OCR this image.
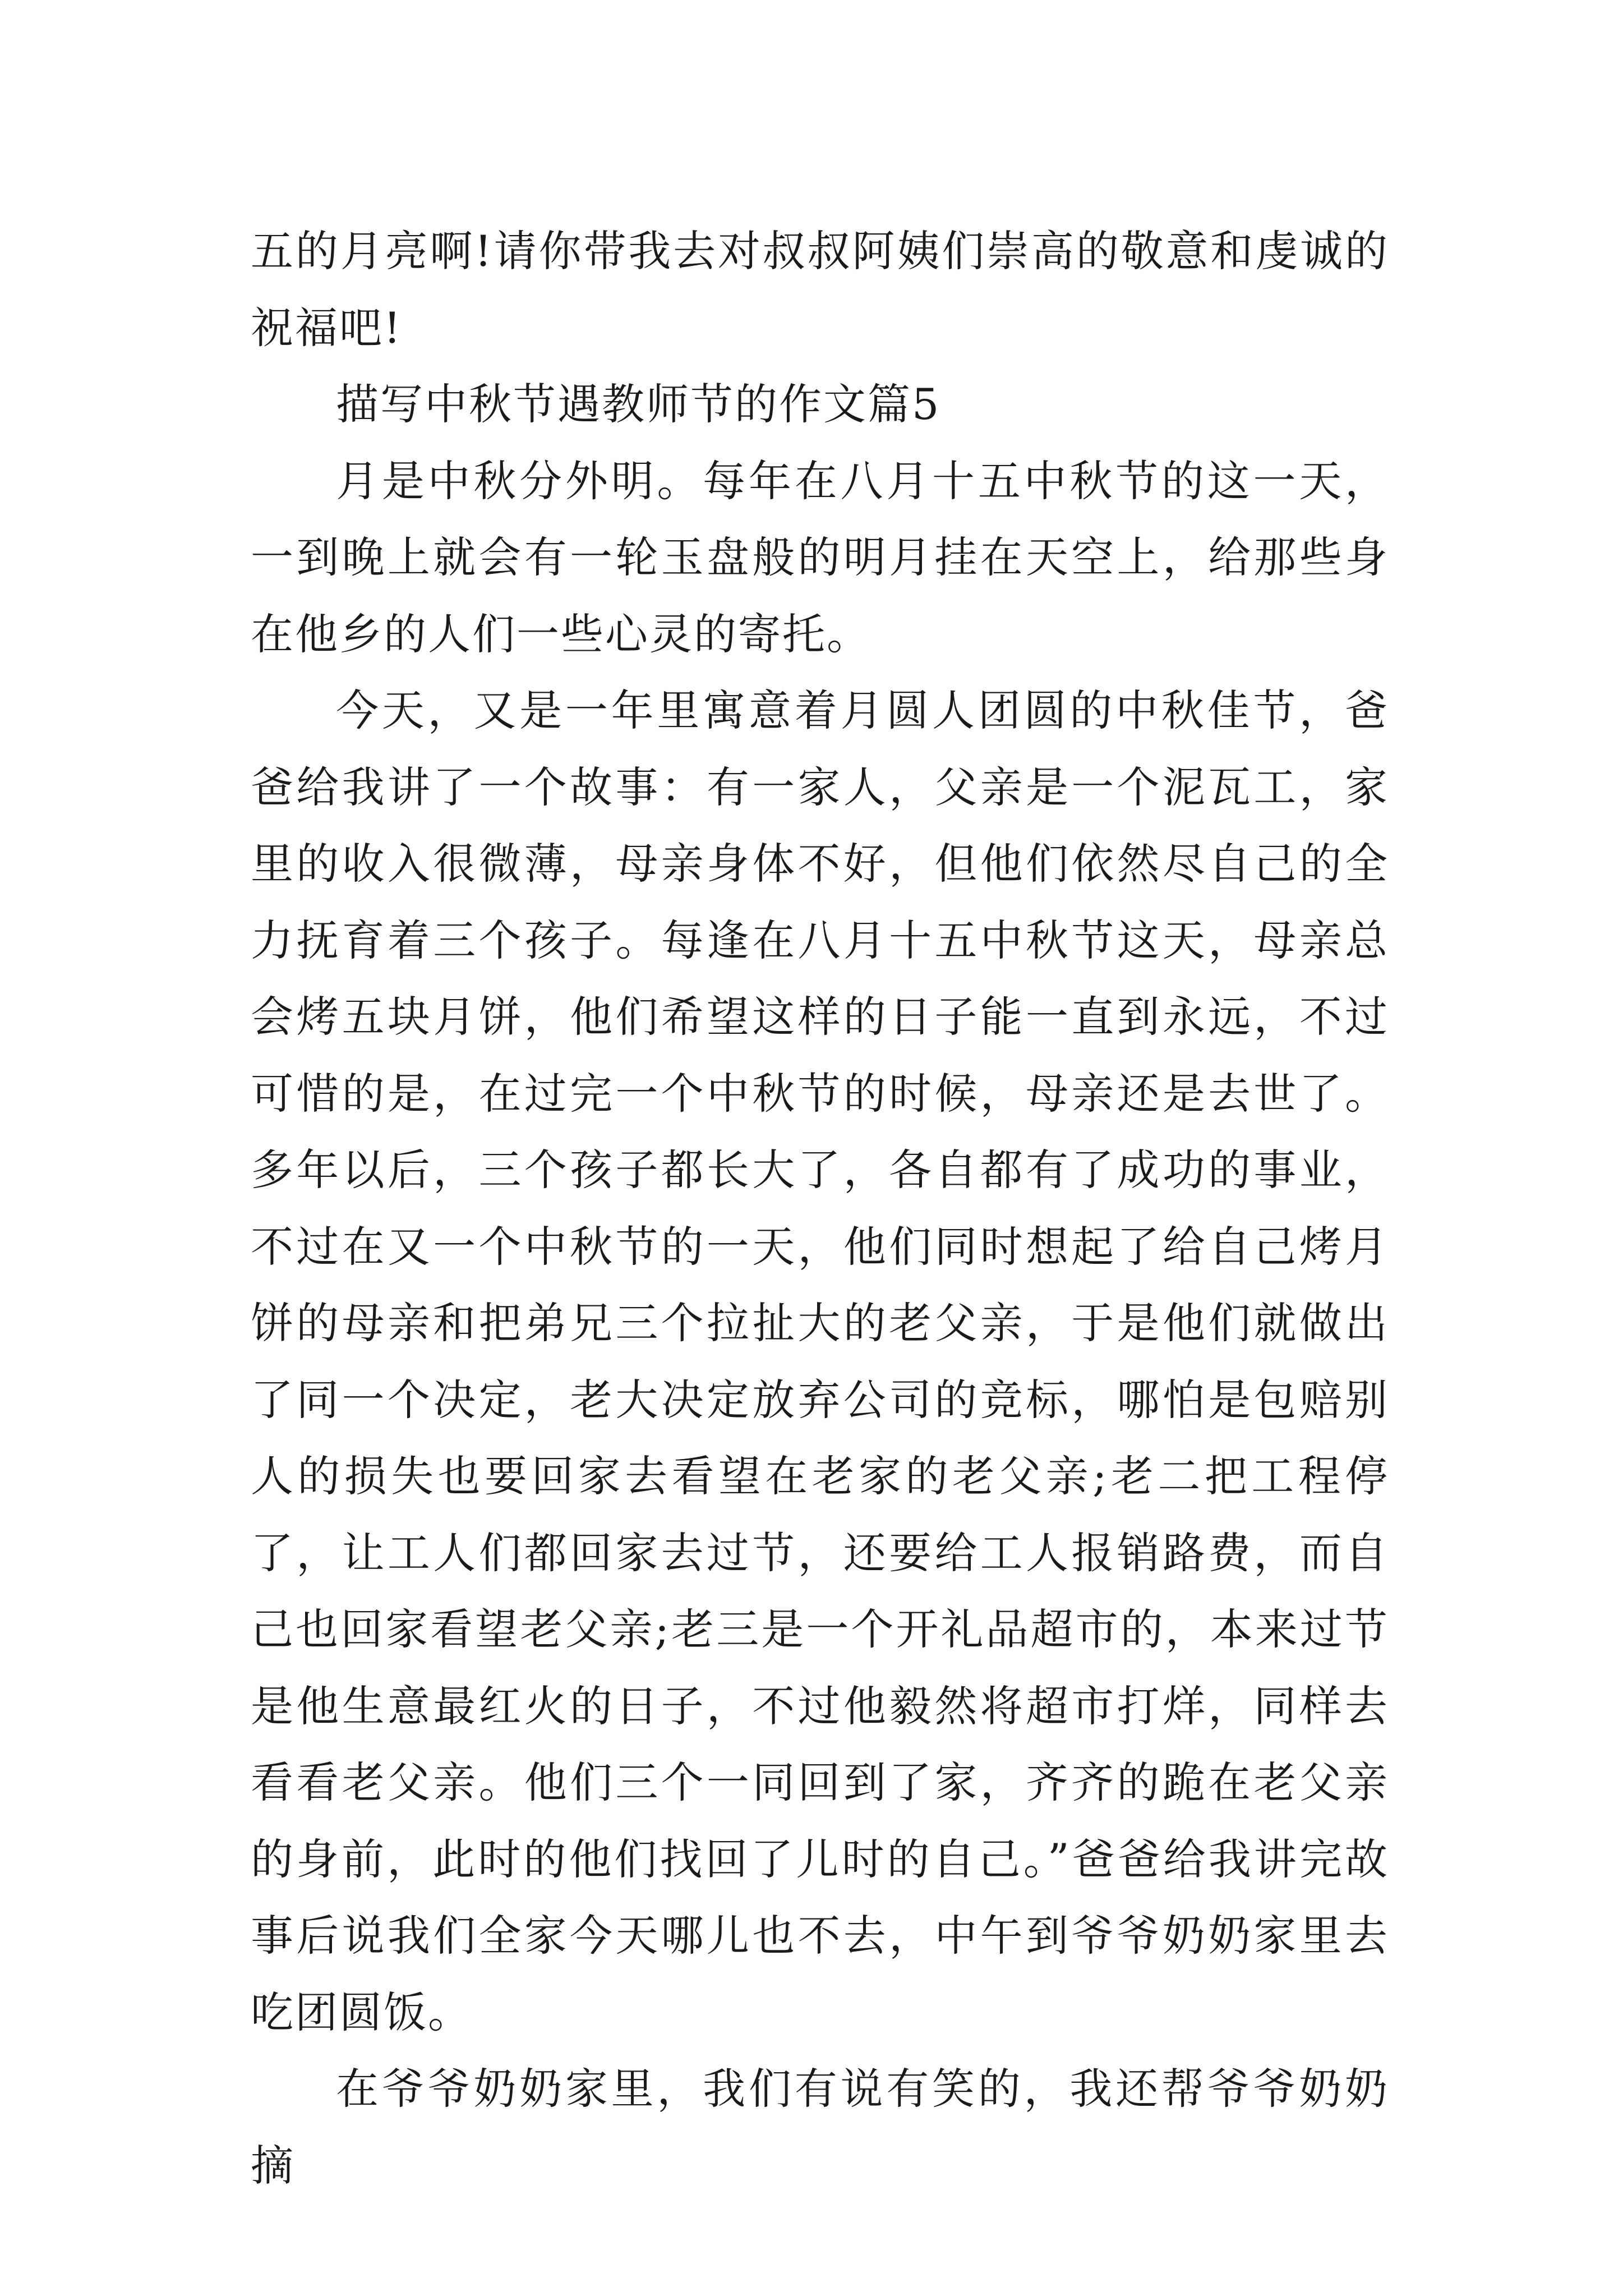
五的月亮啊!请你带我去对叔叔阿姨们崇高的敬意和虔诚的祝福吧!

描写中秋节遇教师节的作文篇5

月是中秋分外明。每年在八月十五中秋节的这一天，一到晚上就会有一轮玉盘般的明月挂在天空上，给那些身在他乡的人们一些心灵的寄托。

今天，又是一年里寓意着月圆人团圆的中秋佳节，爸爸给我讲了一个故事：有一家人，父亲是一个泥瓦工，家里的收入很微薄，母亲身体不好，但他们依然尽自己的全力抚育着三个孩子。每逢在八月十五中秋节这天，母亲总会烤五块月饼，他们希望这样的日子能一直到永远，不过可惜的是，在过完一个中秋节的时候，母亲还是去世了。多年以后，三个孩子都长大了，各自都有了成功的事业，不过在又一个中秋节的一天，他们同时想起了给自己烤月饼的母亲和把弟兄三个拉扯大的老父亲，于是他们就做出了同一个决定，老大决定放弃公司的竞标，哪怕是包赔别人的损失也要回家去看望在老家的老父亲;老二把工程停了，让工人们都回家去过节，还要给工人报销路费，而自己也回家看望老父亲;老三是一个开礼品超市的，本来过节是他生意最红火的日子，不过他毅然将超市打烊，同样去看看老父亲。他们三个一同回到了家，齐齐的跪在老父亲的身前，此时的他们找回了儿时的自己。”爸爸给我讲完故事后说我们全家今天哪儿也不去，中午到爷爷奶奶家里去吃团圆饭。

在爷爷奶奶家里，我们有说有笑的，我还帮爷爷奶奶摘
